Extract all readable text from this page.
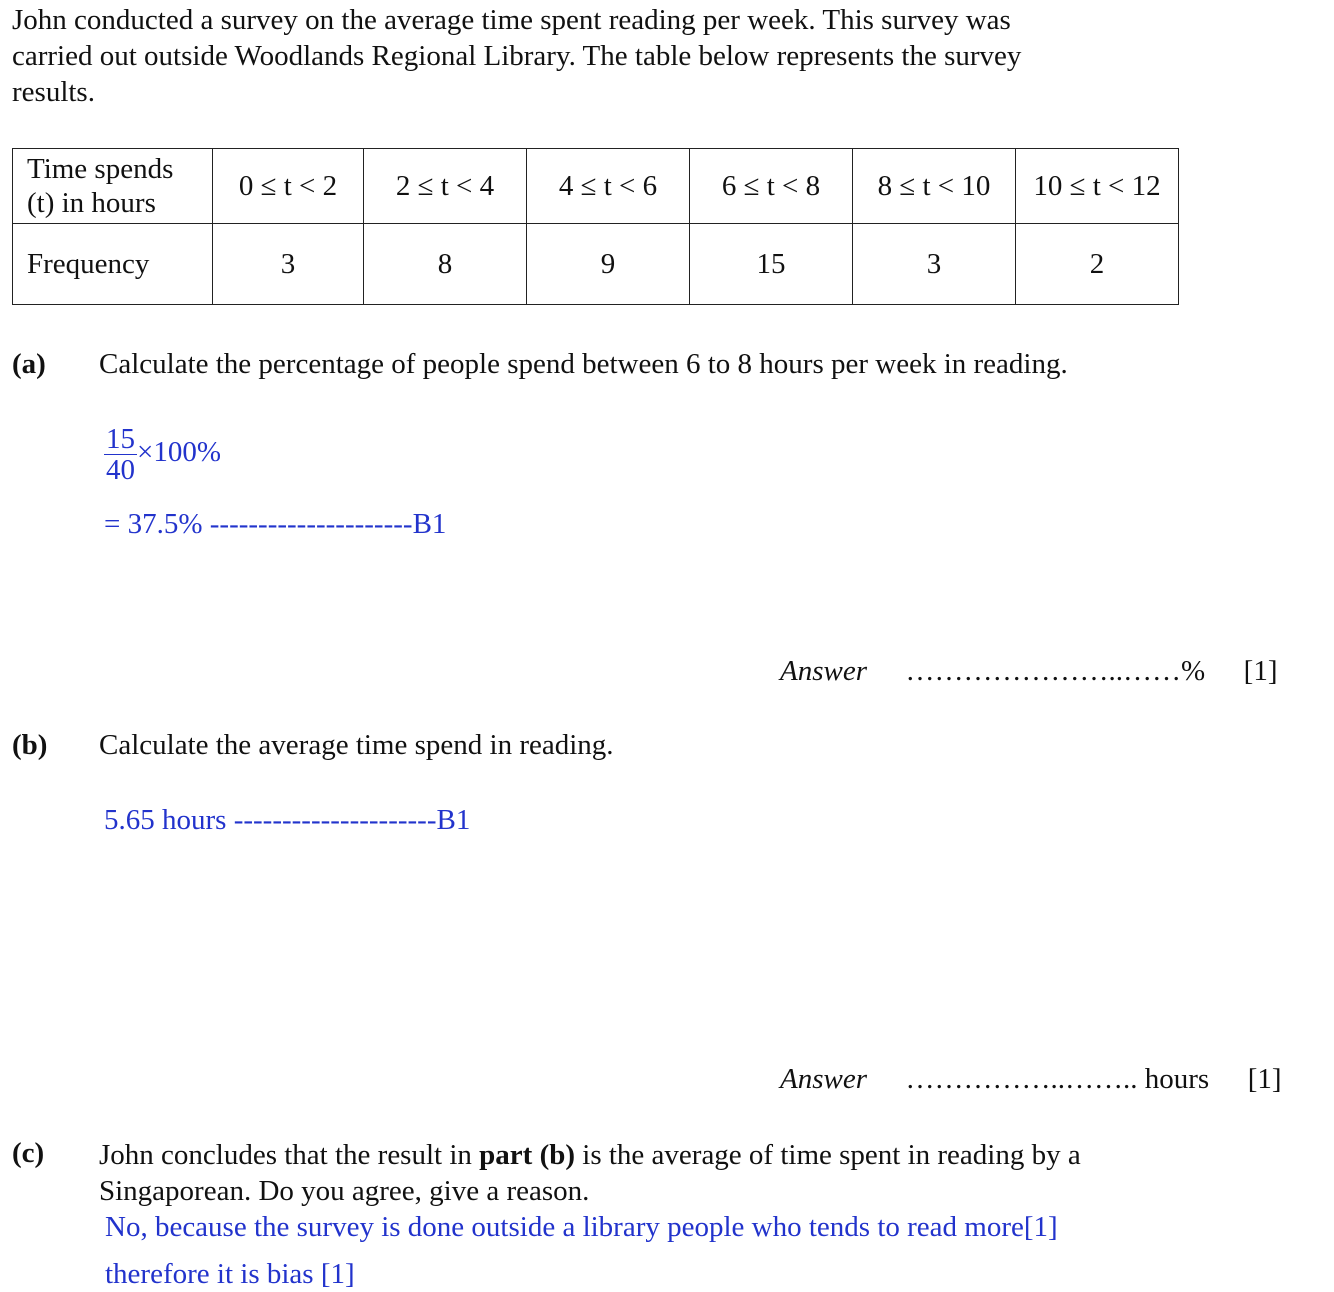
John conducted a survey on the average time spent reading per week. This survey was
carried out outside Woodlands Regional Library. The table below represents the survey
results.
Time spends
(t) in hours	0 ≤ t < 2	2 ≤ t < 4	4 ≤ t < 6	6 ≤ t < 8	8 ≤ t < 10	10 ≤ t < 12
Frequency	3	8	9	15	3	2
(a) Calculate the percentage of people spend between 6 to 8 hours per week in reading.
$\frac{15}{40} \times 100\%$
= 37.5% ---------------------B1
Answer …………………..……% [1]
(b) Calculate the average time spend in reading.
5.65 hours ---------------------B1
Answer ……………..…….. hours [1]
(c) John concludes that the result in part (b) is the average of time spent in reading by a
Singaporean. Do you agree, give a reason.
No, because the survey is done outside a library people who tends to read more[1]
therefore it is bias [1]
